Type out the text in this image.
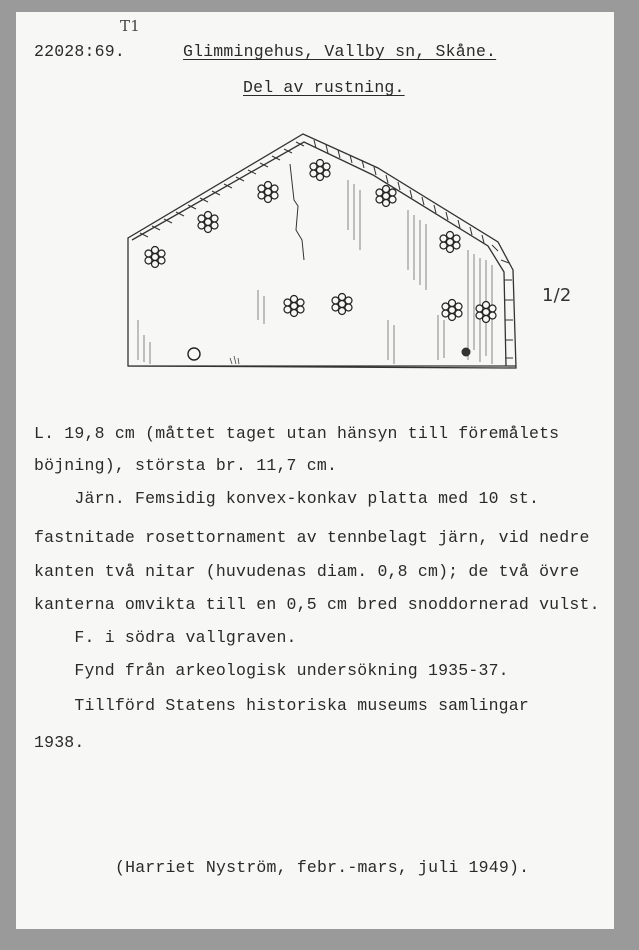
T1
22028:69.	Glimmingehus, Vallby sn, Skåne.
Del av rustning.
1/2
L. 19,8 cm (måttet taget utan hänsyn till föremålets
böjning), största br. 11,7 cm.
Järn. Femsidig konvex-konkav platta med 10 st.
fastnitade rosettornament av tennbelagt järn, vid nedre
kanten två nitar (huvudenas diam. 0,8 cm); de två övre
kanterna omvikta till en 0,5 cm bred snoddornerad vulst.
F. i södra vallgraven.
Fynd från arkeologisk undersökning 1935-37.
Tillförd Statens historiska museums samlingar
1938.
(Harriet Nyström, febr.-mars, juli 1949).
